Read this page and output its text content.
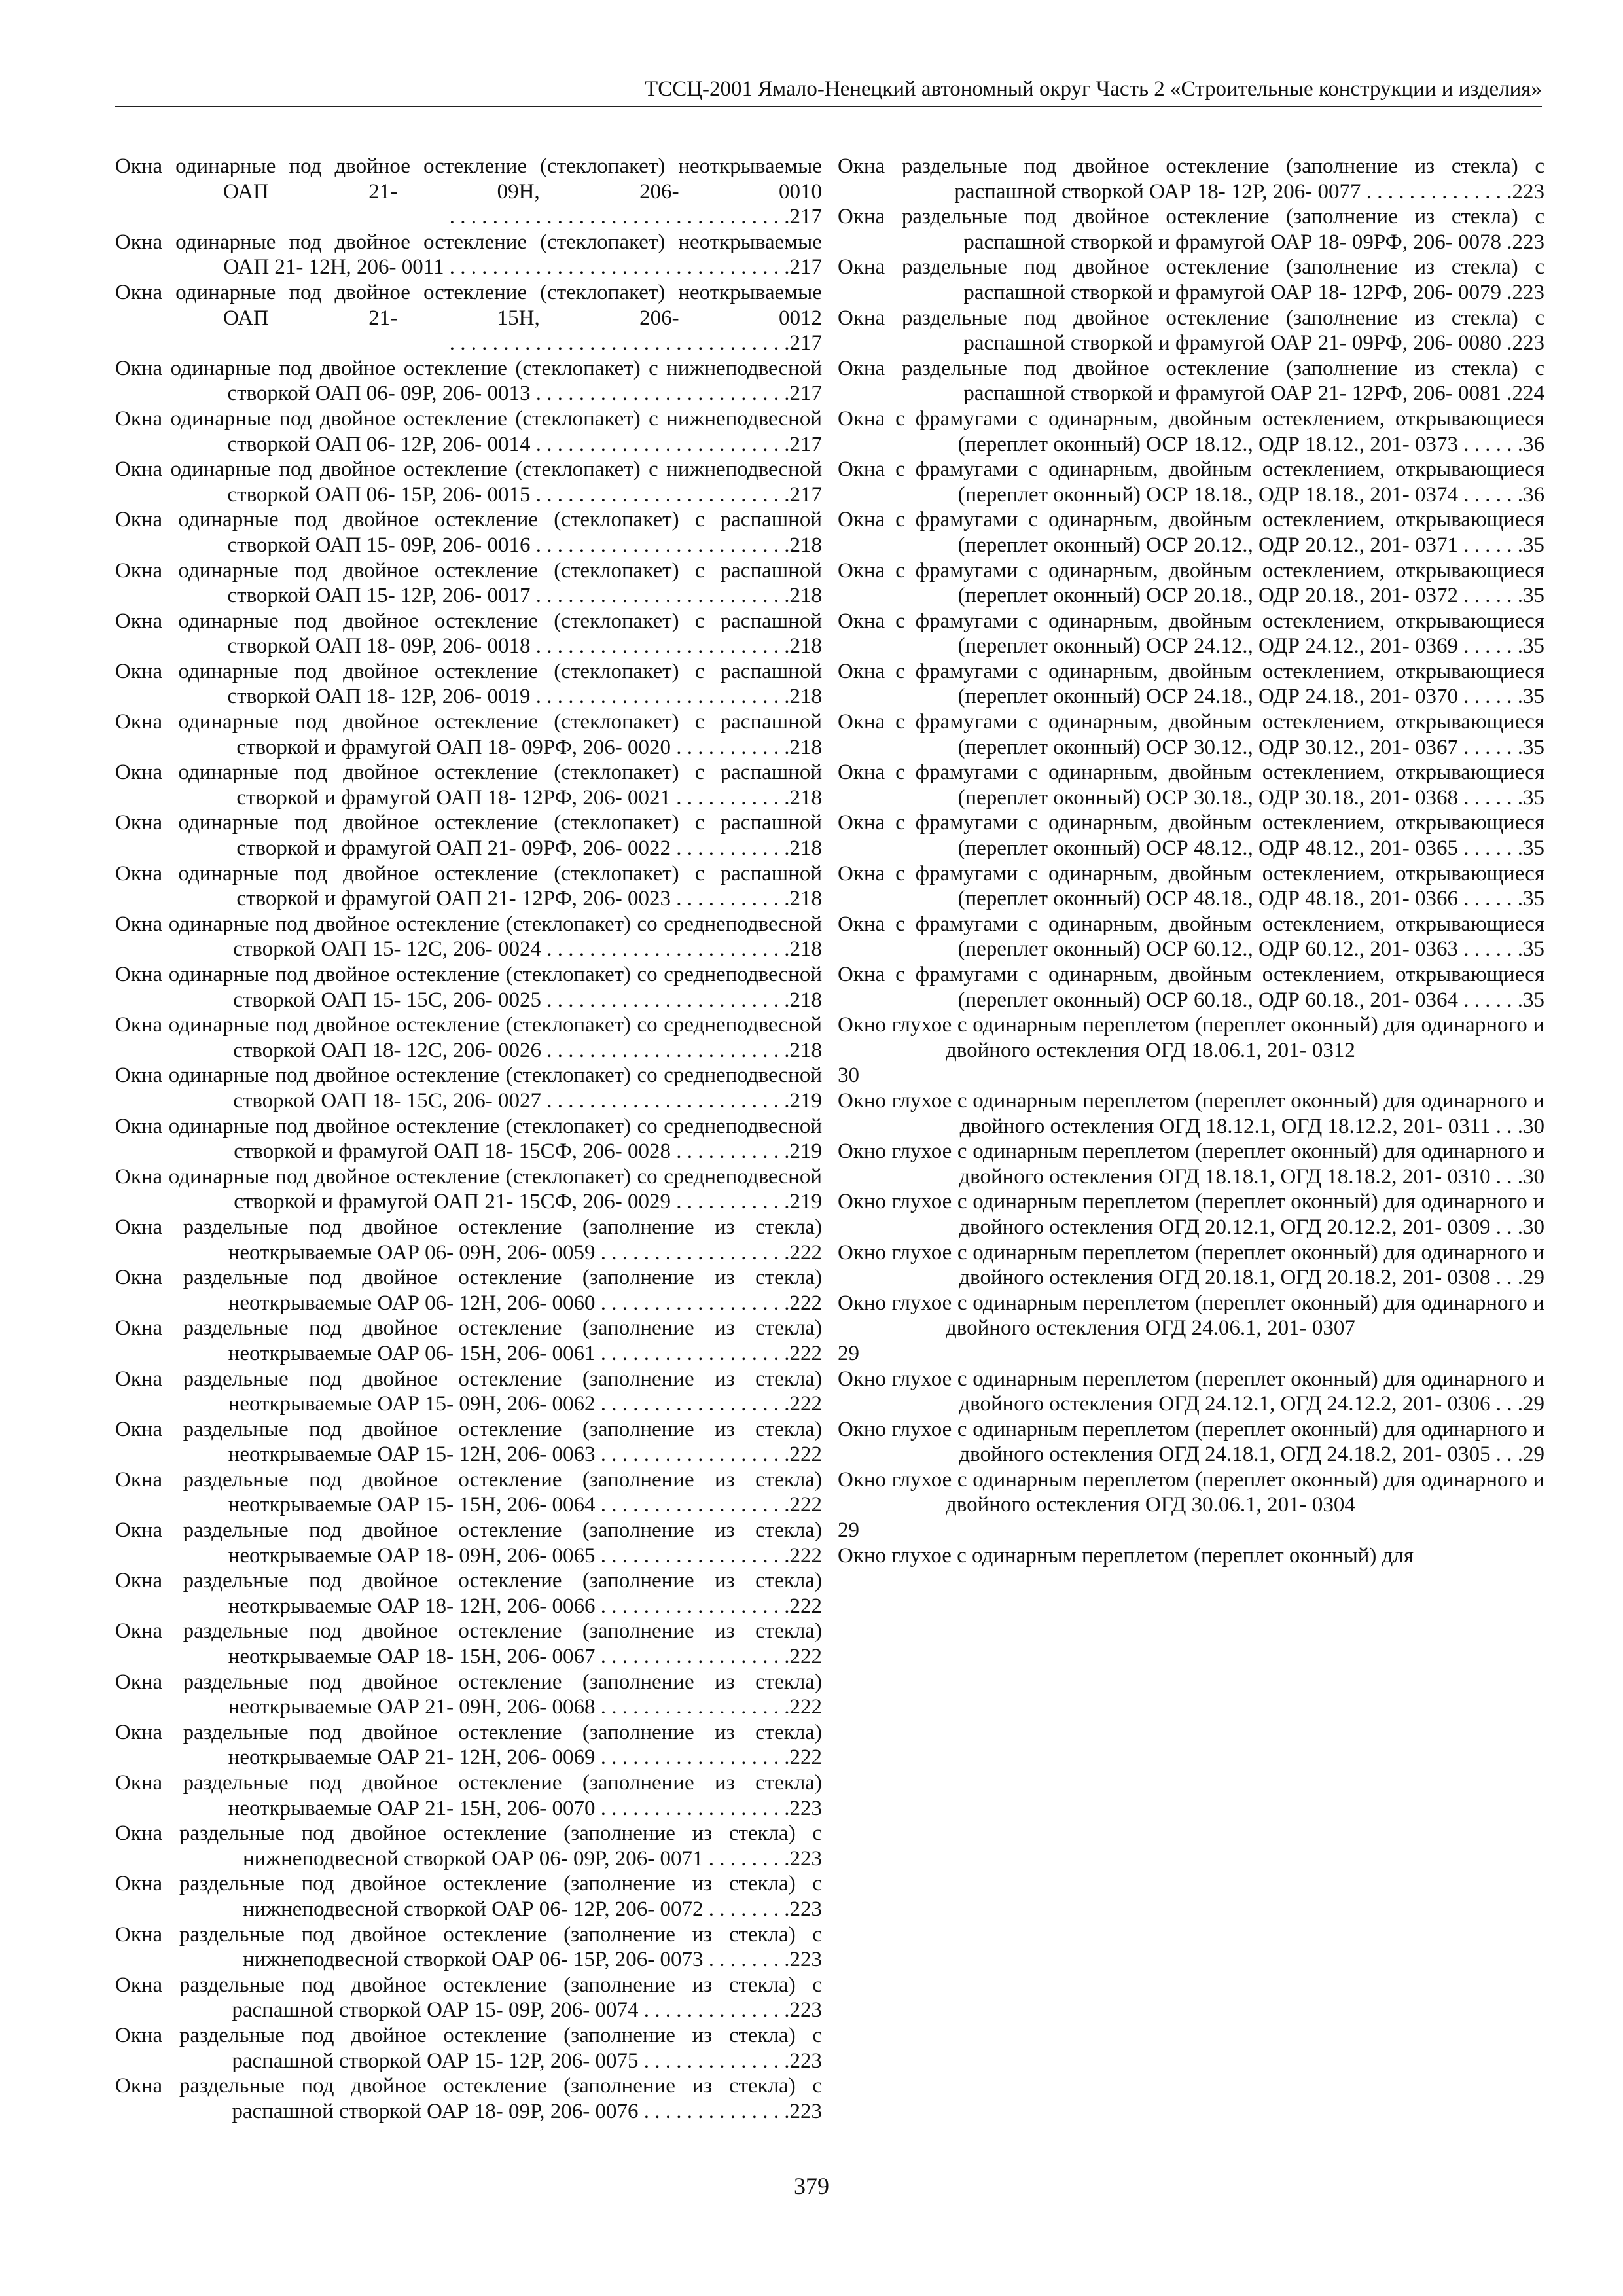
ТССЦ-2001 Ямало-Ненецкий автономный округ Часть 2 «Строительные конструкции и изделия»
Окна одинарные под двойное остекление (стеклопакет) неоткрываемые ОАП 21- 09Н, 206- 0010 . . . . . . . . . . . . . . . . . . . . . . . . . . . . . . . .217
Окна одинарные под двойное остекление (стеклопакет) неоткрываемые ОАП 21- 12Н, 206- 0011 . . . . . . . . . . . . . . . . . . . . . . . . . . . . . . . .217
Окна одинарные под двойное остекление (стеклопакет) неоткрываемые ОАП 21- 15Н, 206- 0012 . . . . . . . . . . . . . . . . . . . . . . . . . . . . . . . .217
Окна одинарные под двойное остекление (стеклопакет) с нижнеподвесной створкой ОАП 06- 09Р, 206- 0013 . . . . . . . . . . . . . . . . . . . . . . . .217
Окна одинарные под двойное остекление (стеклопакет) с нижнеподвесной створкой ОАП 06- 12Р, 206- 0014 . . . . . . . . . . . . . . . . . . . . . . . .217
Окна одинарные под двойное остекление (стеклопакет) с нижнеподвесной створкой ОАП 06- 15Р, 206- 0015 . . . . . . . . . . . . . . . . . . . . . . . .217
Окна одинарные под двойное остекление (стеклопакет) с распашной створкой ОАП 15- 09Р, 206- 0016 . . . . . . . . . . . . . . . . . . . . . . . .218
Окна одинарные под двойное остекление (стеклопакет) с распашной створкой ОАП 15- 12Р, 206- 0017 . . . . . . . . . . . . . . . . . . . . . . . .218
Окна одинарные под двойное остекление (стеклопакет) с распашной створкой ОАП 18- 09Р, 206- 0018 . . . . . . . . . . . . . . . . . . . . . . . .218
Окна одинарные под двойное остекление (стеклопакет) с распашной створкой ОАП 18- 12Р, 206- 0019 . . . . . . . . . . . . . . . . . . . . . . . .218
Окна одинарные под двойное остекление (стеклопакет) с распашной створкой и фрамугой ОАП 18- 09РФ, 206- 0020 . . . . . . . . . . .218
Окна одинарные под двойное остекление (стеклопакет) с распашной створкой и фрамугой ОАП 18- 12РФ, 206- 0021 . . . . . . . . . . .218
Окна одинарные под двойное остекление (стеклопакет) с распашной створкой и фрамугой ОАП 21- 09РФ, 206- 0022 . . . . . . . . . . .218
Окна одинарные под двойное остекление (стеклопакет) с распашной створкой и фрамугой ОАП 21- 12РФ, 206- 0023 . . . . . . . . . . .218
Окна одинарные под двойное остекление (стеклопакет) со среднеподвесной створкой ОАП 15- 12С, 206- 0024 . . . . . . . . . . . . . . . . . . . . . . .218
Окна одинарные под двойное остекление (стеклопакет) со среднеподвесной створкой ОАП 15- 15С, 206- 0025 . . . . . . . . . . . . . . . . . . . . . . .218
Окна одинарные под двойное остекление (стеклопакет) со среднеподвесной створкой ОАП 18- 12С, 206- 0026 . . . . . . . . . . . . . . . . . . . . . . .218
Окна одинарные под двойное остекление (стеклопакет) со среднеподвесной створкой ОАП 18- 15С, 206- 0027 . . . . . . . . . . . . . . . . . . . . . . .219
Окна одинарные под двойное остекление (стеклопакет) со среднеподвесной створкой и фрамугой ОАП 18- 15СФ, 206- 0028 . . . . . . . . . . .219
Окна одинарные под двойное остекление (стеклопакет) со среднеподвесной створкой и фрамугой ОАП 21- 15СФ, 206- 0029 . . . . . . . . . . .219
Окна раздельные под двойное остекление (заполнение из стекла) неоткрываемые ОАР 06- 09Н, 206- 0059 . . . . . . . . . . . . . . . . . .222
Окна раздельные под двойное остекление (заполнение из стекла) неоткрываемые ОАР 06- 12Н, 206- 0060 . . . . . . . . . . . . . . . . . .222
Окна раздельные под двойное остекление (заполнение из стекла) неоткрываемые ОАР 06- 15Н, 206- 0061 . . . . . . . . . . . . . . . . . .222
Окна раздельные под двойное остекление (заполнение из стекла) неоткрываемые ОАР 15- 09Н, 206- 0062 . . . . . . . . . . . . . . . . . .222
Окна раздельные под двойное остекление (заполнение из стекла) неоткрываемые ОАР 15- 12Н, 206- 0063 . . . . . . . . . . . . . . . . . .222
Окна раздельные под двойное остекление (заполнение из стекла) неоткрываемые ОАР 15- 15Н, 206- 0064 . . . . . . . . . . . . . . . . . .222
Окна раздельные под двойное остекление (заполнение из стекла) неоткрываемые ОАР 18- 09Н, 206- 0065 . . . . . . . . . . . . . . . . . .222
Окна раздельные под двойное остекление (заполнение из стекла) неоткрываемые ОАР 18- 12Н, 206- 0066 . . . . . . . . . . . . . . . . . .222
Окна раздельные под двойное остекление (заполнение из стекла) неоткрываемые ОАР 18- 15Н, 206- 0067 . . . . . . . . . . . . . . . . . .222
Окна раздельные под двойное остекление (заполнение из стекла) неоткрываемые ОАР 21- 09Н, 206- 0068 . . . . . . . . . . . . . . . . . .222
Окна раздельные под двойное остекление (заполнение из стекла) неоткрываемые ОАР 21- 12Н, 206- 0069 . . . . . . . . . . . . . . . . . .222
Окна раздельные под двойное остекление (заполнение из стекла) неоткрываемые ОАР 21- 15Н, 206- 0070 . . . . . . . . . . . . . . . . . .223
Окна раздельные под двойное остекление (заполнение из стекла) с нижнеподвесной створкой ОАР 06- 09Р, 206- 0071 . . . . . . . .223
Окна раздельные под двойное остекление (заполнение из стекла) с нижнеподвесной створкой ОАР 06- 12Р, 206- 0072 . . . . . . . .223
Окна раздельные под двойное остекление (заполнение из стекла) с нижнеподвесной створкой ОАР 06- 15Р, 206- 0073 . . . . . . . .223
Окна раздельные под двойное остекление (заполнение из стекла) с распашной створкой ОАР 15- 09Р, 206- 0074 . . . . . . . . . . . . . .223
Окна раздельные под двойное остекление (заполнение из стекла) с распашной створкой ОАР 15- 12Р, 206- 0075 . . . . . . . . . . . . . .223
Окна раздельные под двойное остекление (заполнение из стекла) с распашной створкой ОАР 18- 09Р, 206- 0076 . . . . . . . . . . . . . .223
Окна раздельные под двойное остекление (заполнение из стекла) с распашной створкой ОАР 18- 12Р, 206- 0077 . . . . . . . . . . . . . .223
Окна раздельные под двойное остекление (заполнение из стекла) с распашной створкой и фрамугой ОАР 18- 09РФ, 206- 0078 .223
Окна раздельные под двойное остекление (заполнение из стекла) с распашной створкой и фрамугой ОАР 18- 12РФ, 206- 0079 .223
Окна раздельные под двойное остекление (заполнение из стекла) с распашной створкой и фрамугой ОАР 21- 09РФ, 206- 0080 .223
Окна раздельные под двойное остекление (заполнение из стекла) с распашной створкой и фрамугой ОАР 21- 12РФ, 206- 0081 .224
Окна с фрамугами с одинарным, двойным остеклением, открывающиеся (переплет оконный) ОСР 18.12., ОДР 18.12., 201- 0373 . . . . . .36
Окна с фрамугами с одинарным, двойным остеклением, открывающиеся (переплет оконный) ОСР 18.18., ОДР 18.18., 201- 0374 . . . . . .36
Окна с фрамугами с одинарным, двойным остеклением, открывающиеся (переплет оконный) ОСР 20.12., ОДР 20.12., 201- 0371 . . . . . .35
Окна с фрамугами с одинарным, двойным остеклением, открывающиеся (переплет оконный) ОСР 20.18., ОДР 20.18., 201- 0372 . . . . . .35
Окна с фрамугами с одинарным, двойным остеклением, открывающиеся (переплет оконный) ОСР 24.12., ОДР 24.12., 201- 0369 . . . . . .35
Окна с фрамугами с одинарным, двойным остеклением, открывающиеся (переплет оконный) ОСР 24.18., ОДР 24.18., 201- 0370 . . . . . .35
Окна с фрамугами с одинарным, двойным остеклением, открывающиеся (переплет оконный) ОСР 30.12., ОДР 30.12., 201- 0367 . . . . . .35
Окна с фрамугами с одинарным, двойным остеклением, открывающиеся (переплет оконный) ОСР 30.18., ОДР 30.18., 201- 0368 . . . . . .35
Окна с фрамугами с одинарным, двойным остеклением, открывающиеся (переплет оконный) ОСР 48.12., ОДР 48.12., 201- 0365 . . . . . .35
Окна с фрамугами с одинарным, двойным остеклением, открывающиеся (переплет оконный) ОСР 48.18., ОДР 48.18., 201- 0366 . . . . . .35
Окна с фрамугами с одинарным, двойным остеклением, открывающиеся (переплет оконный) ОСР 60.12., ОДР 60.12., 201- 0363 . . . . . .35
Окна с фрамугами с одинарным, двойным остеклением, открывающиеся (переплет оконный) ОСР 60.18., ОДР 60.18., 201- 0364 . . . . . .35
Окно глухое с одинарным переплетом (переплет оконный) для одинарного и двойного остекления ОГД 18.06.1, 201- 0312
30
Окно глухое с одинарным переплетом (переплет оконный) для одинарного и двойного остекления ОГД 18.12.1, ОГД 18.12.2, 201- 0311 . . .30
Окно глухое с одинарным переплетом (переплет оконный) для одинарного и двойного остекления ОГД 18.18.1, ОГД 18.18.2, 201- 0310 . . .30
Окно глухое с одинарным переплетом (переплет оконный) для одинарного и двойного остекления ОГД 20.12.1, ОГД 20.12.2, 201- 0309 . . .30
Окно глухое с одинарным переплетом (переплет оконный) для одинарного и двойного остекления ОГД 20.18.1, ОГД 20.18.2, 201- 0308 . . .29
Окно глухое с одинарным переплетом (переплет оконный) для одинарного и двойного остекления ОГД 24.06.1, 201- 0307
29
Окно глухое с одинарным переплетом (переплет оконный) для одинарного и двойного остекления ОГД 24.12.1, ОГД 24.12.2, 201- 0306 . . .29
Окно глухое с одинарным переплетом (переплет оконный) для одинарного и двойного остекления ОГД 24.18.1, ОГД 24.18.2, 201- 0305 . . .29
Окно глухое с одинарным переплетом (переплет оконный) для одинарного и двойного остекления ОГД 30.06.1, 201- 0304
29
Окно глухое с одинарным переплетом (переплет оконный) для
379
